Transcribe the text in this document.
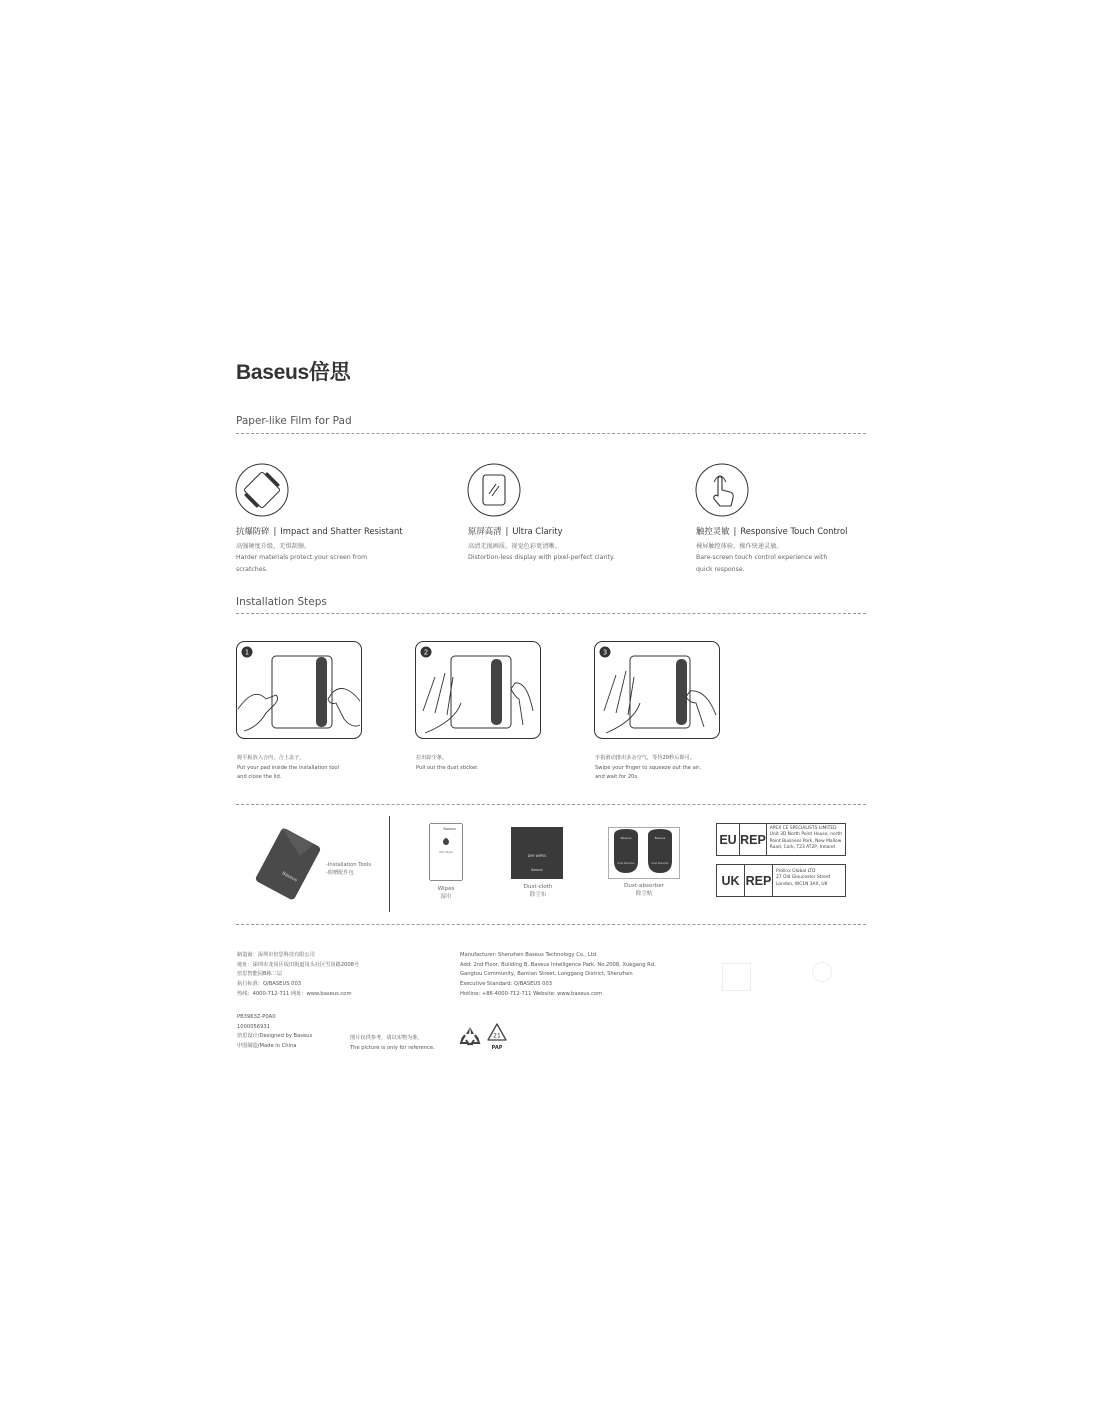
Baseus倍思
Paper-like Film for Pad
抗爆防碎 | Impact and Shatter Resistant
高强硬度升级，无惧刮擦。
Harder materials protect your screen from
scratches.
原屏高清 | Ultra Clarity
高清无损画质，视觉色彩更清晰。
Distortion-less display with pixel-perfect clarity.
触控灵敏 | Responsive Touch Control
裸屏触控体验，操作快速灵敏。
Bare-screen touch control experience with
quick response.
Installation Steps
1	2	3
将平板放入合内，合上盖子。
Put your pad inside the installation tool
and close the lid.
拉出除尘条。
Pull out the dust sticker.
手指滑动排出多余空气，等待20秒后即可。
Swipe your finger to squeeze out the air,
and wait for 20s.
Baseus
-Installation Tools
-附赠配件包
Baseus
Wet Wipes
Wipes
湿巾
DRY WIPES
Baseus
Dust-cloth
除尘布
Baseus
Dust Absorber
Baseus
Dust Absorber
Dust-absorber
除尘贴
EU REP
APEX CE SPECIALISTS LIMITED
Unit 3D North Point House, north
Point Business Park, New Mallow
Road, Cork, T23 AT2P, Ireland
UK REP
Prolinx Global LTD
27 Old Gloucester Street
London, WC1N 3AX, UK
制造商：深圳市倍思科技有限公司
地址：深圳市龙岗区坂田街道岗头社区雪岗路2008号
倍思智能园B栋二层
执行标准：Q/BASEUS 003
热线：4000-712-711 网址：www.baseus.com
Manufacturer: Shenzhen Baseus Technology Co., Ltd.
Add: 2nd Floor, Building B, Baseus Intelligence Park, No.2008, Xuegang Rd,
Gangtou Community, Bantian Street, Longgang District, Shenzhen
Executive Standard: Q/BASEUS 003
Hotline: +86-4000-712-711 Website: www.baseus.com
PB3963Z-P0A0
1000056931
倍思设计/Designed by Baseus
中国制造/Made in China
图片仅供参考，请以实物为准。
The picture is only for reference.
21
PAP
